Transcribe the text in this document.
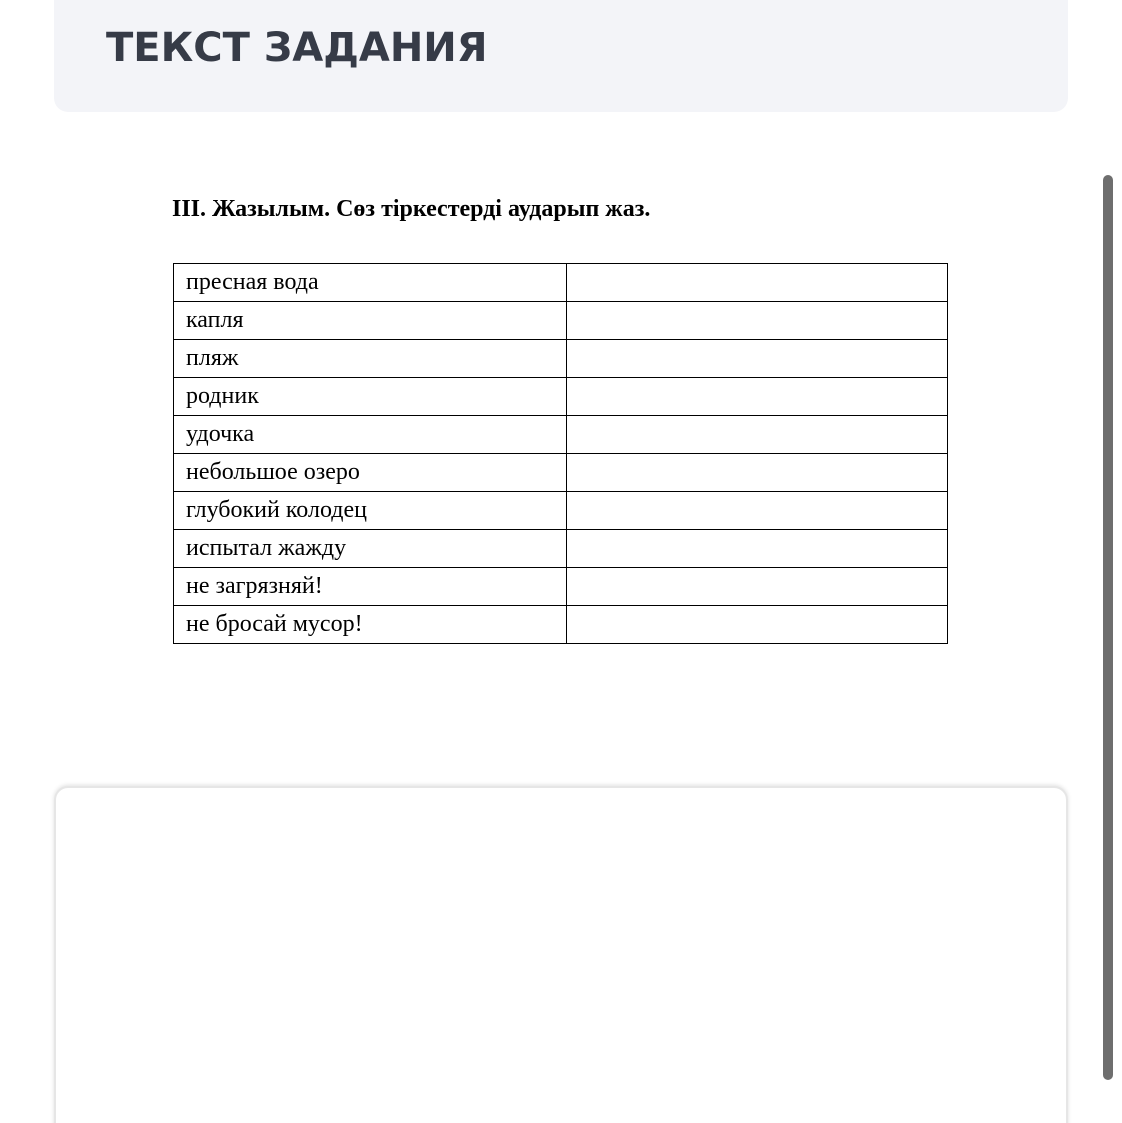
ТЕКСТ ЗАДАНИЯ

ІІІ. Жазылым. Сөз тіркестерді аударып жаз.

пресная вода	
капля	
пляж	
родник	
удочка	
небольшое озеро	
глубокий колодец	
испытал жажду	
не загрязняй!	
не бросай мусор!	
